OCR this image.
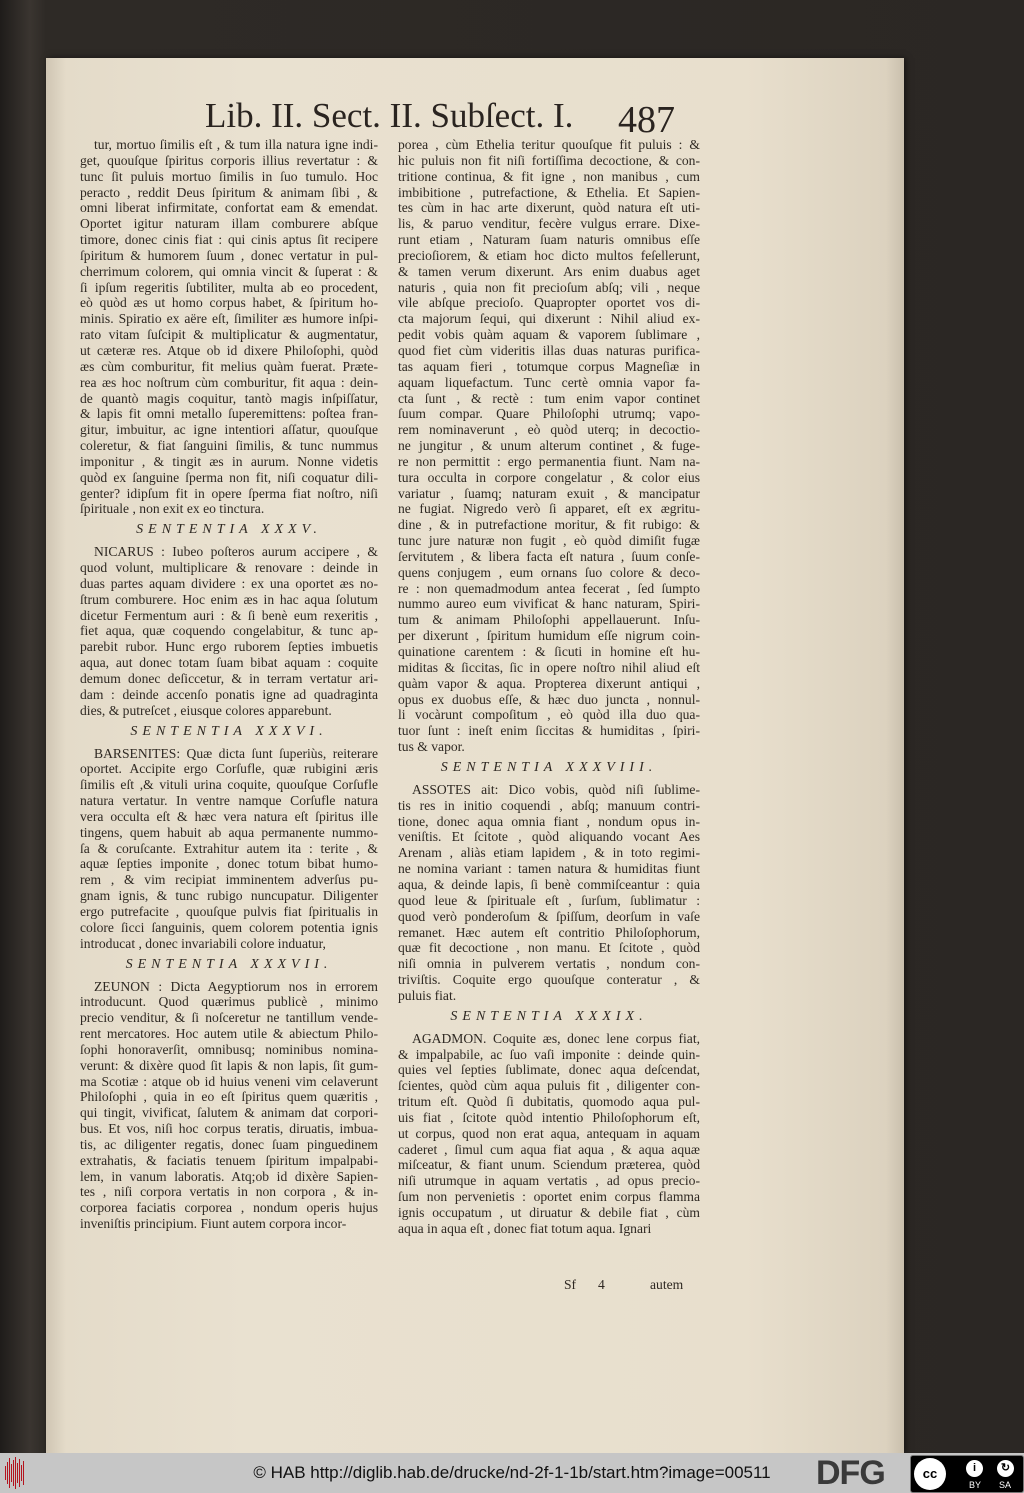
Lib. II. Sect. II. Subſect. I. 487
tur, mortuo ſimilis eſt , & tum illa natura igne indi-
get, quouſque ſpiritus corporis illius revertatur : &
tunc ſit puluis mortuo ſimilis in ſuo tumulo. Hoc
peracto , reddit Deus ſpiritum & animam ſibi , &
omni liberat infirmitate, confortat eam & emendat.
Oportet igitur naturam illam comburere abſque
timore, donec cinis fiat : qui cinis aptus ſit recipere
ſpiritum & humorem ſuum , donec vertatur in pul-
cherrimum colorem, qui omnia vincit & ſuperat : &
ſi ipſum regeritis ſubtiliter, multa ab eo procedent,
eò quòd æs ut homo corpus habet, & ſpiritum ho-
minis. Spiratio ex aëre eſt, ſimiliter æs humore inſpi-
rato vitam ſuſcipit & multiplicatur & augmentatur,
ut cæteræ res. Atque ob id dixere Philoſophi, quòd
æs cùm comburitur, fit melius quàm fuerat. Præte-
rea æs hoc noſtrum cùm comburitur, fit aqua : dein-
de quantò magis coquitur, tantò magis inſpiſſatur,
& lapis fit omni metallo ſuperemittens: poſtea fran-
gitur, imbuitur, ac igne intentiori aſſatur, quouſque
coleretur, & fiat ſanguini ſimilis, & tunc nummus
imponitur , & tingit æs in aurum. Nonne videtis
quòd ex ſanguine ſperma non fit, niſi coquatur dili-
genter? idipſum fit in opere ſperma fiat noſtro, niſi
ſpirituale , non exit ex eo tinctura.
SENTENTIA XXXV.
NICARUS : Iubeo poſteros aurum accipere , &
quod volunt, multiplicare & renovare : deinde in
duas partes aquam dividere : ex una oportet æs no-
ſtrum comburere. Hoc enim æs in hac aqua ſolutum
dicetur Fermentum auri : & ſi benè eum rexeritis ,
fiet aqua, quæ coquendo congelabitur, & tunc ap-
parebit rubor. Hunc ergo ruborem ſepties imbuetis
aqua, aut donec totam ſuam bibat aquam : coquite
demum donec deſiccetur, & in terram vertatur ari-
dam : deinde accenſo ponatis igne ad quadraginta
dies, & putreſcet , eiusque colores apparebunt.
SENTENTIA XXXVI.
BARSENITES: Quæ dicta ſunt ſuperiùs, reiterare
oportet. Accipite ergo Corſufle, quæ rubigini æris
ſimilis eſt ,& vituli urina coquite, quouſque Corſufle
natura vertatur. In ventre namque Corſufle natura
vera occulta eſt & hæc vera natura eſt ſpiritus ille
tingens, quem habuit ab aqua permanente nummo-
ſa & coruſcante. Extrahitur autem ita : terite , &
aquæ ſepties imponite , donec totum bibat humo-
rem , & vim recipiat imminentem adverſus pu-
gnam ignis, & tunc rubigo nuncupatur. Diligenter
ergo putrefacite , quouſque pulvis fiat ſpiritualis in
colore ſicci ſanguinis, quem colorem potentia ignis
introducat , donec invariabili colore induatur,
SENTENTIA XXXVII.
ZEUNON : Dicta Aegyptiorum nos in errorem
introducunt. Quod quærimus publicè , minimo
precio venditur, & ſi noſceretur ne tantillum vende-
rent mercatores. Hoc autem utile & abiectum Philo-
ſophi honoraverſit, omnibusq; nominibus nomina-
verunt: & dixère quod ſit lapis & non lapis, ſit gum-
ma Scotiæ : atque ob id huius veneni vim celaverunt
Philoſophi , quia in eo eſt ſpiritus quem quæritis ,
qui tingit, vivificat, ſalutem & animam dat corpori-
bus. Et vos, niſi hoc corpus teratis, diruatis, imbua-
tis, ac diligenter regatis, donec ſuam pinguedinem
extrahatis, & faciatis tenuem ſpiritum impalpabi-
lem, in vanum laboratis. Atq;ob id dixère Sapien-
tes , niſi corpora vertatis in non corpora , & in-
corporea faciatis corporea , nondum operis hujus
inveniſtis principium. Fiunt autem corpora incor-
porea , cùm Ethelia teritur quouſque fit puluis : &
hic puluis non fit niſi fortiſſima decoctione, & con-
tritione continua, & fit igne , non manibus , cum
imbibitione , putrefactione, & Ethelia. Et Sapien-
tes cùm in hac arte dixerunt, quòd natura eſt uti-
lis, & paruo venditur, fecère vulgus errare. Dixe-
runt etiam , Naturam ſuam naturis omnibus eſſe
precioſiorem, & etiam hoc dicto multos feſellerunt,
& tamen verum dixerunt. Ars enim duabus aget
naturis , quia non fit precioſum abſq; vili , neque
vile abſque precioſo. Quapropter oportet vos di-
cta majorum ſequi, qui dixerunt : Nihil aliud ex-
pedit vobis quàm aquam & vaporem ſublimare ,
quod fiet cùm videritis illas duas naturas purifica-
tas aquam fieri , totumque corpus Magneſiæ in
aquam liquefactum. Tunc certè omnia vapor fa-
cta ſunt , & rectè : tum enim vapor continet
ſuum compar. Quare Philoſophi utrumq; vapo-
rem nominaverunt , eò quòd uterq; in decoctio-
ne jungitur , & unum alterum continet , & fuge-
re non permittit : ergo permanentia fiunt. Nam na-
tura occulta in corpore congelatur , & color eius
variatur , ſuamq; naturam exuit , & mancipatur
ne fugiat. Nigredo verò ſi apparet, eſt ex ægritu-
dine , & in putrefactione moritur, & fit rubigo: &
tunc jure naturæ non fugit , eò quòd dimiſit fugæ
ſervitutem , & libera facta eſt natura , ſuum conſe-
quens conjugem , eum ornans ſuo colore & deco-
re : non quemadmodum antea fecerat , ſed ſumpto
nummo aureo eum vivificat & hanc naturam, Spiri-
tum & animam Philoſophi appellauerunt. Inſu-
per dixerunt , ſpiritum humidum eſſe nigrum coin-
quinatione carentem : & ſicuti in homine eſt hu-
miditas & ſiccitas, ſic in opere noſtro nihil aliud eſt
quàm vapor & aqua. Propterea dixerunt antiqui ,
opus ex duobus eſſe, & hæc duo juncta , nonnul-
li vocàrunt compoſitum , eò quòd illa duo qua-
tuor ſunt : ineſt enim ſiccitas & humiditas , ſpiri-
tus & vapor.
SENTENTIA XXXVIII.
ASSOTES ait: Dico vobis, quòd niſi ſublime-
tis res in initio coquendi , abſq; manuum contri-
tione, donec aqua omnia fiant , nondum opus in-
veniſtis. Et ſcitote , quòd aliquando vocant Aes
Arenam , aliàs etiam lapidem , & in toto regimi-
ne nomina variant : tamen natura & humiditas fiunt
aqua, & deinde lapis, ſi benè commiſceantur : quia
quod leue & ſpirituale eſt , ſurſum, ſublimatur :
quod verò ponderoſum & ſpiſſum, deorſum in vaſe
remanet. Hæc autem eſt contritio Philoſophorum,
quæ fit decoctione , non manu. Et ſcitote , quòd
niſi omnia in pulverem vertatis , nondum con-
triviſtis. Coquite ergo quouſque conteratur , &
puluis fiat.
SENTENTIA XXXIX.
AGADMON. Coquite æs, donec lene corpus fiat,
& impalpabile, ac ſuo vaſi imponite : deinde quin-
quies vel ſepties ſublimate, donec aqua deſcendat,
ſcientes, quòd cùm aqua puluis fit , diligenter con-
tritum eſt. Quòd ſi dubitatis, quomodo aqua pul-
uis fiat , ſcitote quòd intentio Philoſophorum eſt,
ut corpus, quod non erat aqua, antequam in aquam
caderet , ſimul cum aqua fiat aqua , & aqua aquæ
miſceatur, & fiant unum. Sciendum præterea, quòd
niſi utrumque in aquam vertatis , ad opus precio-
ſum non pervenietis : oportet enim corpus flamma
ignis occupatum , ut diruatur & debile fiat , cùm
aqua in aqua eſt , donec fiat totum aqua. Ignari
Sf 4	autem
© HAB http://diglib.hab.de/drucke/nd-2f-1-1b/start.htm?image=00511	DFG	cc	i	↻
BY SA
